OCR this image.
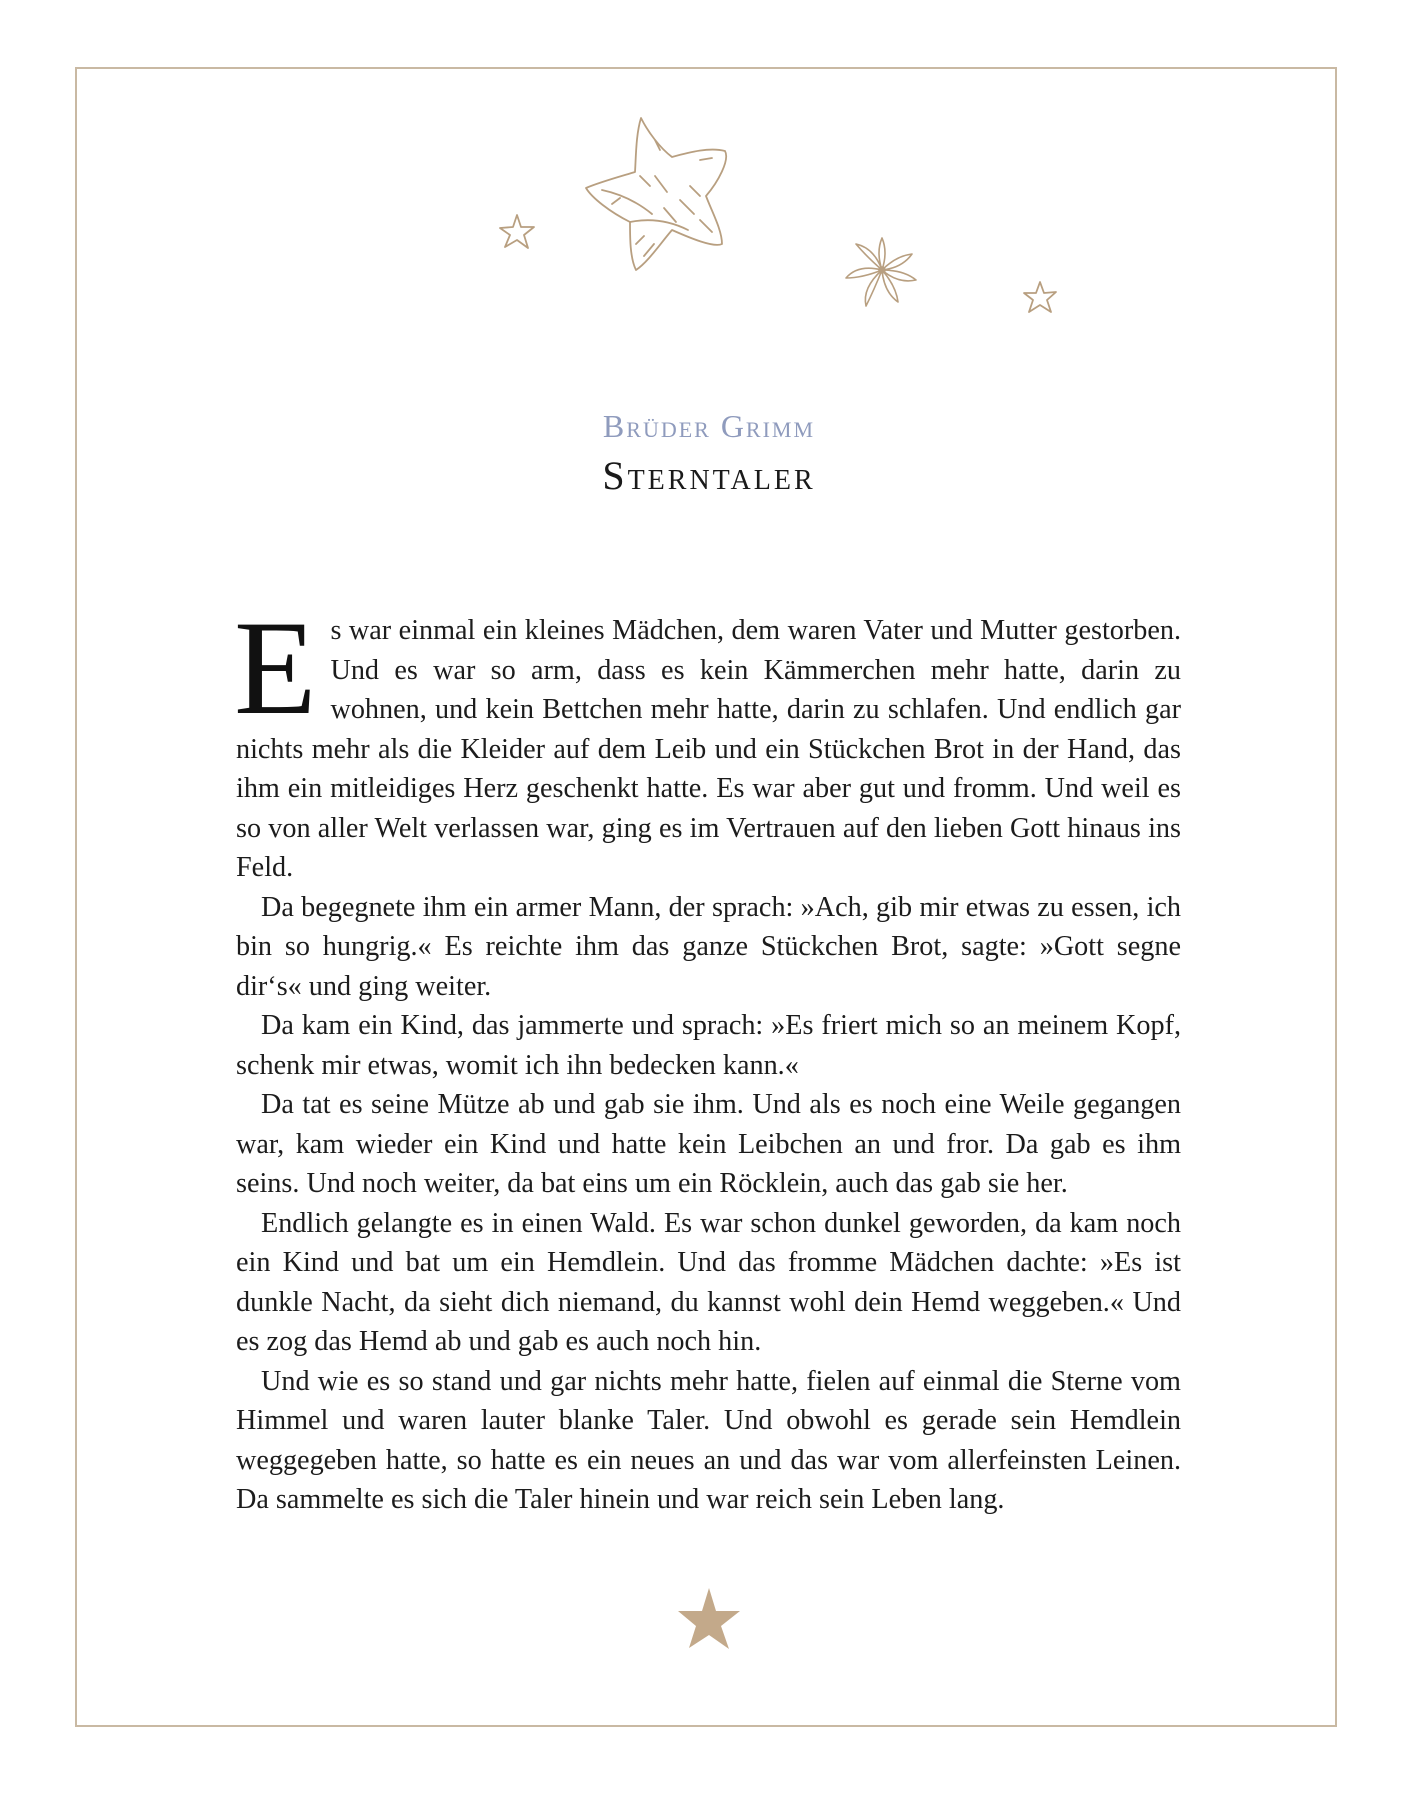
Brüder Grimm
Sterntaler

Es war einmal ein kleines Mädchen, dem waren Vater und Mutter gestorben. Und es war so arm, dass es kein Kämmerchen mehr hatte, darin zu wohnen, und kein Bettchen mehr hatte, darin zu schlafen. Und endlich gar nichts mehr als die Kleider auf dem Leib und ein Stückchen Brot in der Hand, das ihm ein mitleidiges Herz geschenkt hatte. Es war aber gut und fromm. Und weil es so von aller Welt verlassen war, ging es im Vertrauen auf den lieben Gott hinaus ins Feld.

Da begegnete ihm ein armer Mann, der sprach: »Ach, gib mir etwas zu essen, ich bin so hungrig.« Es reichte ihm das ganze Stückchen Brot, sagte: »Gott segne dir‘s« und ging weiter.

Da kam ein Kind, das jammerte und sprach: »Es friert mich so an meinem Kopf, schenk mir etwas, womit ich ihn bedecken kann.«

Da tat es seine Mütze ab und gab sie ihm. Und als es noch eine Weile gegangen war, kam wieder ein Kind und hatte kein Leibchen an und fror. Da gab es ihm seins. Und noch weiter, da bat eins um ein Röcklein, auch das gab sie her.

Endlich gelangte es in einen Wald. Es war schon dunkel geworden, da kam noch ein Kind und bat um ein Hemdlein. Und das fromme Mädchen dachte: »Es ist dunkle Nacht, da sieht dich niemand, du kannst wohl dein Hemd weggeben.« Und es zog das Hemd ab und gab es auch noch hin.

Und wie es so stand und gar nichts mehr hatte, fielen auf einmal die Sterne vom Himmel und waren lauter blanke Taler. Und obwohl es gerade sein Hemdlein weggegeben hatte, so hatte es ein neues an und das war vom allerfeinsten Leinen. Da sammelte es sich die Taler hinein und war reich sein Leben lang.
